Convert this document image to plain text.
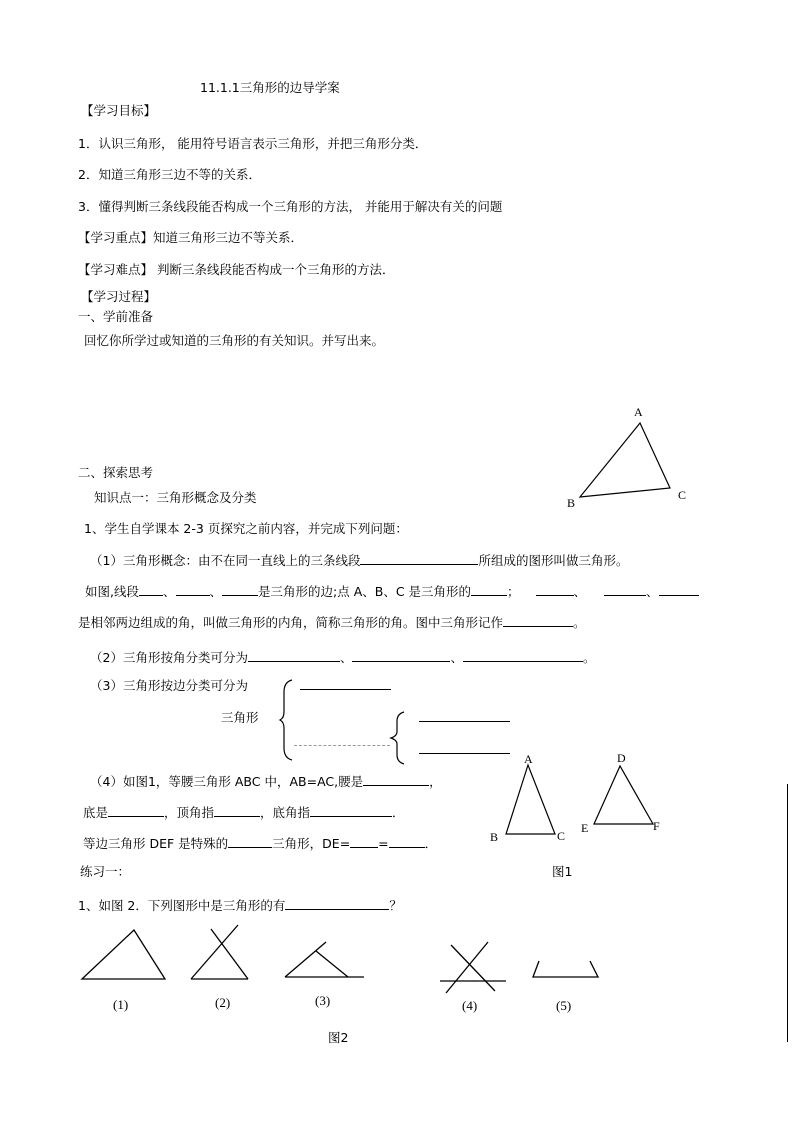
11.1.1三角形的边导学案
【学习目标】
1．认识三角形， 能用符号语言表示三角形，并把三角形分类．
2．知道三角形三边不等的关系．
3．懂得判断三条线段能否构成一个三角形的方法， 并能用于解决有关的问题
【学习重点】知道三角形三边不等关系．
【学习难点】 判断三条线段能否构成一个三角形的方法．
【学习过程】
一、学前准备
回忆你所学过或知道的三角形的有关知识。并写出来。
A
B
C
二、探索思考
知识点一：三角形概念及分类
1、学生自学课本 2-3 页探究之前内容，并完成下列问题：
（1）三角形概念：由不在同一直线上的三条线段	所组成的图形叫做三角形。
如图,线段 、	、	是三角形的边;点 A、B、C 是三角形的	；	、	、
是相邻两边组成的角，叫做三角形的内角，简称三角形的角。图中三角形记作	。
（2）三角形按角分类可分为	、	、	。
（3）三角形按边分类可分为
三角形
（4）如图1，等腰三角形 ABC 中，AB=AC,腰是	，
底是	，顶角指	，底角指	．
等边三角形 DEF 是特殊的	三角形，DE= =	．
练习一：
A
B	C
D
E	F
图1
1、如图 2．下列图形中是三角形的有	？
(1)	(2)	(3)	(4)	(5)
图2
